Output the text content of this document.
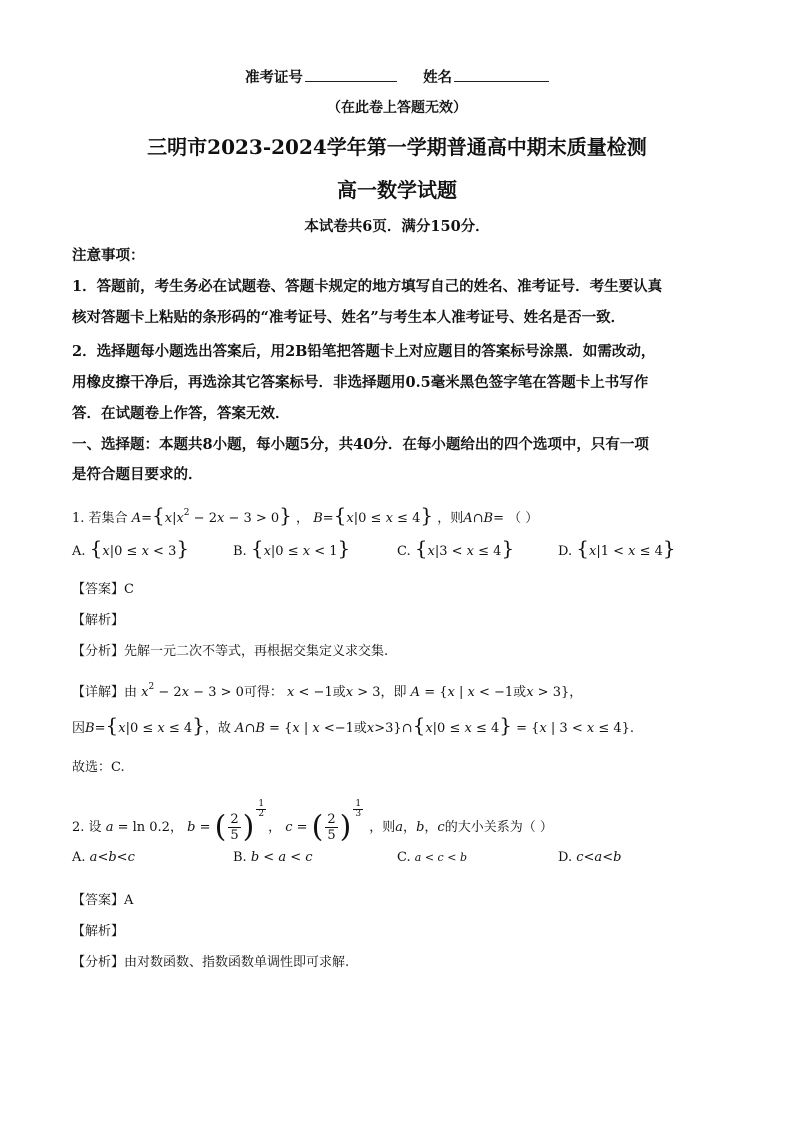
准考证号	姓名
（在此卷上答题无效）
三明市2023-2024学年第一学期普通高中期末质量检测
高一数学试题
本试卷共6页．满分150分．
注意事项：
1．答题前，考生务必在试题卷、答题卡规定的地方填写自己的姓名、准考证号．考生要认真
核对答题卡上粘贴的条形码的“准考证号、姓名”与考生本人准考证号、姓名是否一致．
2．选择题每小题选出答案后，用2B铅笔把答题卡上对应题目的答案标号涂黑．如需改动，
用橡皮擦干净后，再选涂其它答案标号．非选择题用0.5毫米黑色签字笔在答题卡上书写作
答．在试题卷上作答，答案无效．
一、选择题：本题共8小题，每小题5分，共40分．在每小题给出的四个选项中，只有一项
是符合题目要求的．
1. 若集合 $A=\{x|x^2 - 2x - 3 > 0\}$ ， B={x|0 ≤ x ≤ 4} ，则A∩B= （ ）
A. {x|0 ≤ x < 3}	B. {x|0 ≤ x < 1}	C. {x|3 < x ≤ 4}	D. {x|1 < x ≤ 4}
【答案】C
【解析】
【分析】先解一元二次不等式，再根据交集定义求交集.
【详解】由 $x^2 - 2x - 3 > 0$可得： x < −1或x > 3，即 A = {x | x < −1或x > 3}，
因B={x|0 ≤ x ≤ 4}，故 A∩B = {x | x <−1或x>3}∩{x|0 ≤ x ≤ 4} = {x | 3 < x ≤ 4}.
故选：C.
2. 设 a = ln 0.2， b = ( $\frac{2}{5}$ ) $\frac{1}{2}$
， c = ( $\frac{2}{5}$ ) $\frac{1}{3}$
，则a，b，c的大小关系为（ ）
A. a<b<c	B. b < a < c	C. a < c < b	D. c<a<b
【答案】A
【解析】
【分析】由对数函数、指数函数单调性即可求解.
